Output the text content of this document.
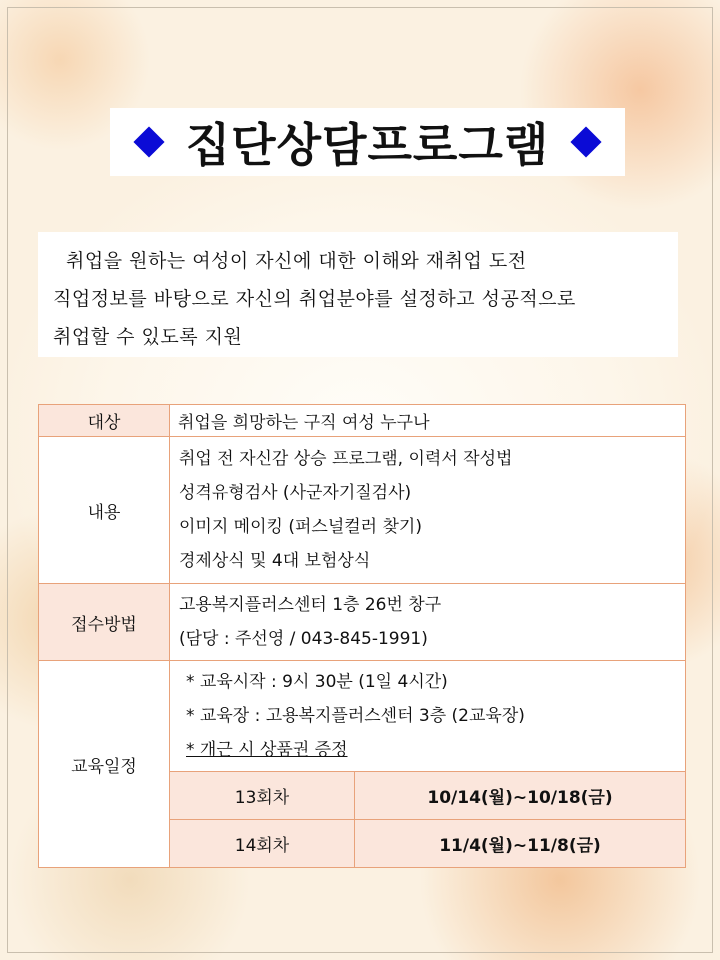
집단상담프로그램
취업을 원하는 여성이 자신에 대한 이해와 재취업 도전
직업정보를 바탕으로 자신의 취업분야를 설정하고 성공적으로
취업할 수 있도록 지원
대상	취업을 희망하는 구직 여성 누구나	

내용	취업 전 자신감 상승 프로그램, 이력서 작성법
성격유형검사 (사군자기질검사)
이미지 메이킹 (퍼스널컬러 찾기)
경제상식 및 4대 보험상식	

접수방법	고용복지플러스센터 1층 26번 창구
(담당 : 주선영 / 043-845-1991)	

교육일정	* 교육시작 : 9시 30분 (1일 4시간)
* 교육장 : 고용복지플러스센터 3층 (2교육장)
* 개근 시 상품권 증정	

	13회차	10/14(월)~10/18(금)
	14회차	11/4(월)~11/8(금)
